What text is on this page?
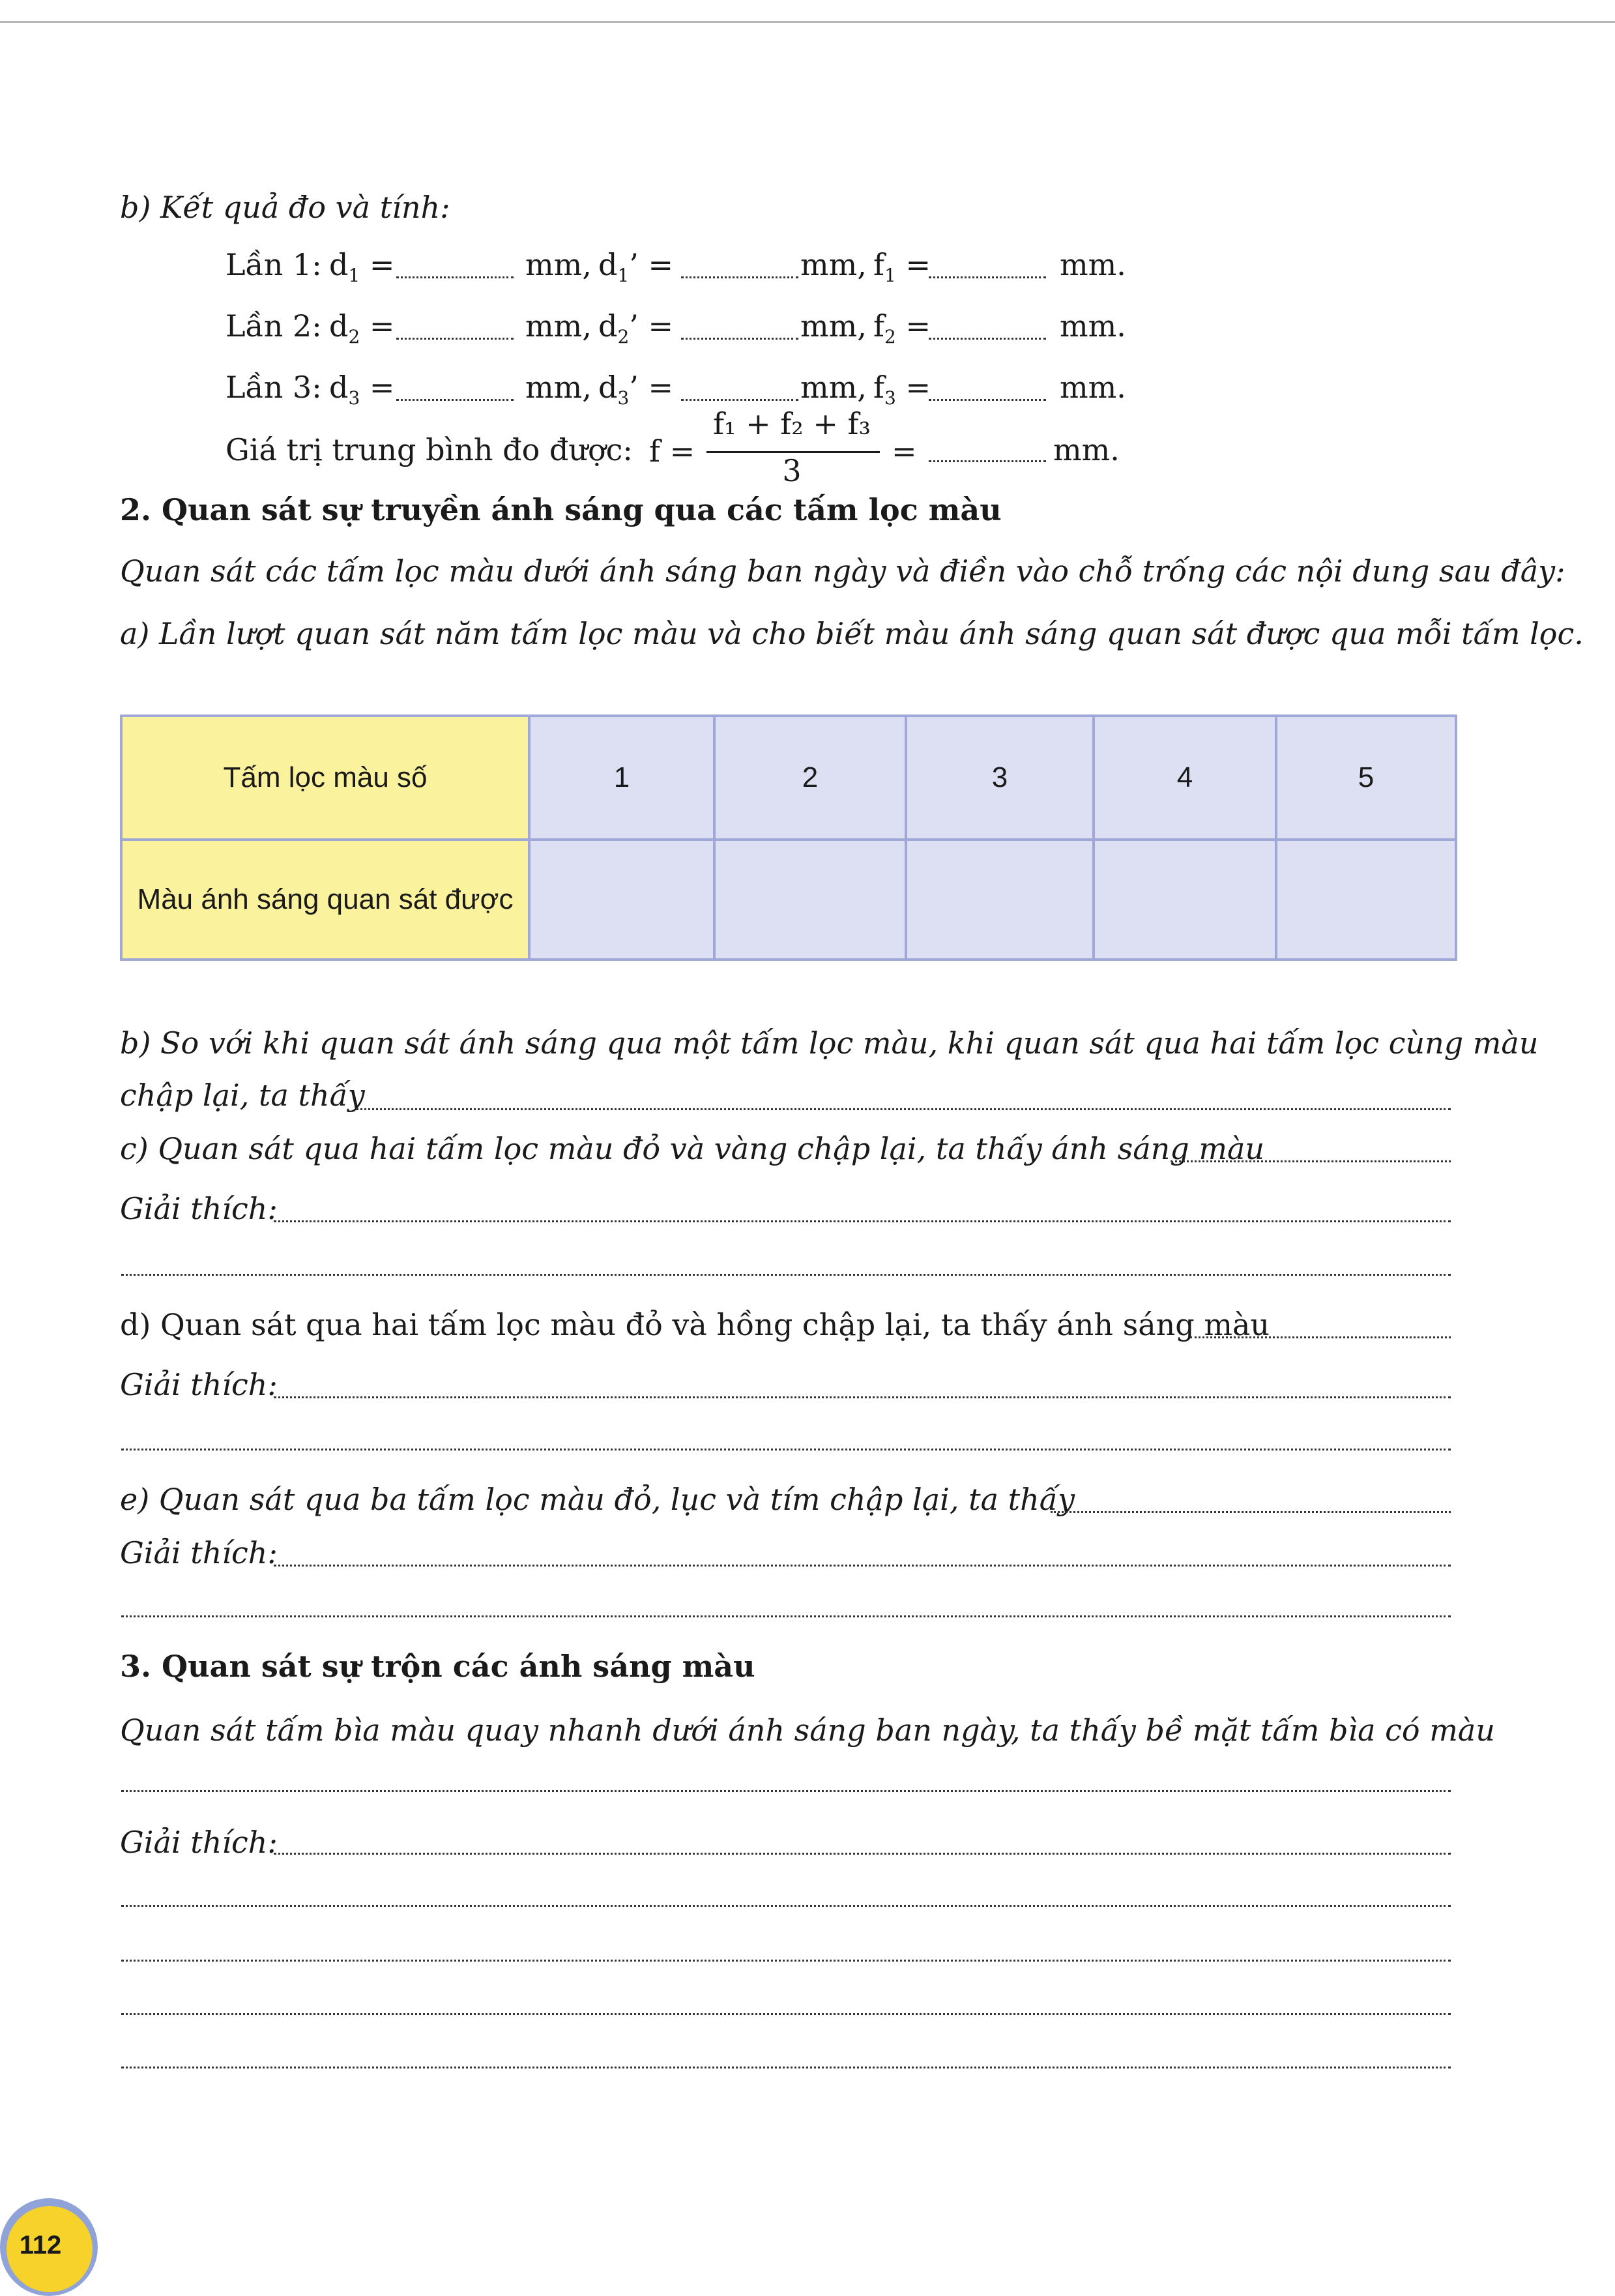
b) Kết quả đo và tính:
Lần 1: $d_1$ =	mm, $d_1$’ =	mm, $f_1$ =	mm.
Lần 2: $d_2$ =	mm, $d_2$’ =	mm, $f_2$ =	mm.
Lần 3: $d_3$ =	mm, $d_3$’ =	mm, $f_3$ =	mm.
Giá trị trung bình đo được: f =
f₁ + f₂ + f₃
3
=	mm.
2. Quan sát sự truyền ánh sáng qua các tấm lọc màu
Quan sát các tấm lọc màu dưới ánh sáng ban ngày và điền vào chỗ trống các nội dung sau đây:
a) Lần lượt quan sát năm tấm lọc màu và cho biết màu ánh sáng quan sát được qua mỗi tấm lọc.
Tấm lọc màu số	1	2	3	4	5
Màu ánh sáng quan sát được					
b) So với khi quan sát ánh sáng qua một tấm lọc màu, khi quan sát qua hai tấm lọc cùng màu
chập lại, ta thấy
c) Quan sát qua hai tấm lọc màu đỏ và vàng chập lại, ta thấy ánh sáng màu
Giải thích:
d) Quan sát qua hai tấm lọc màu đỏ và hồng chập lại, ta thấy ánh sáng màu
Giải thích:
e) Quan sát qua ba tấm lọc màu đỏ, lục và tím chập lại, ta thấy
Giải thích:
3. Quan sát sự trộn các ánh sáng màu
Quan sát tấm bìa màu quay nhanh dưới ánh sáng ban ngày, ta thấy bề mặt tấm bìa có màu
Giải thích:
112
